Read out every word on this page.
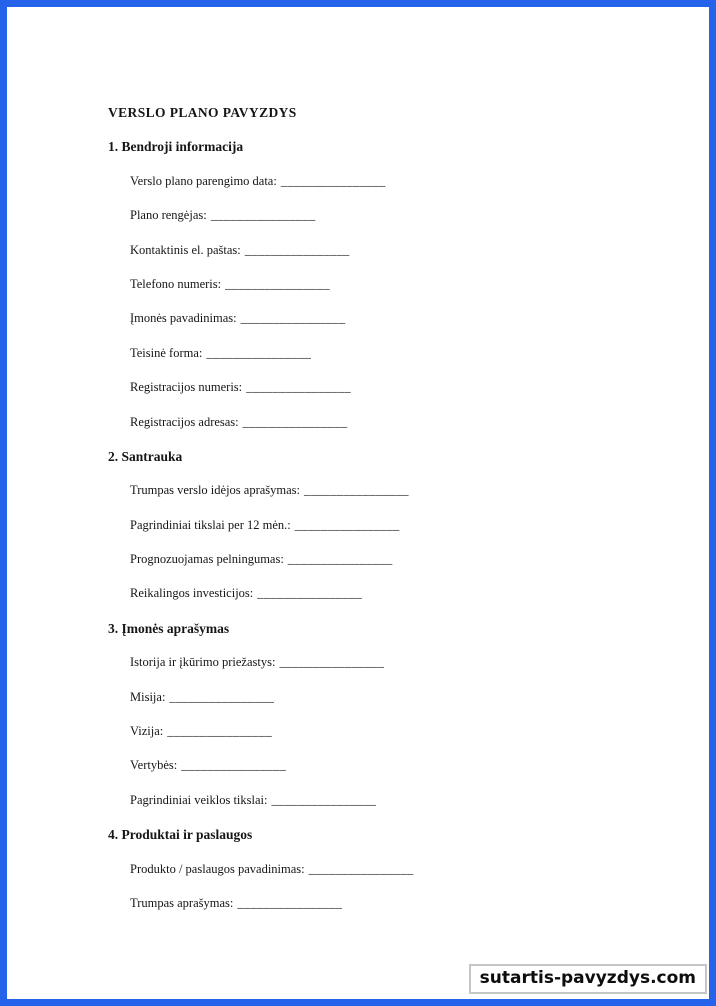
VERSLO PLANO PAVYZDYS
1. Bendroji informacija
Verslo plano parengimo data: ________________
Plano rengėjas: ________________
Kontaktinis el. paštas: ________________
Telefono numeris: ________________
Įmonės pavadinimas: ________________
Teisinė forma: ________________
Registracijos numeris: ________________
Registracijos adresas: ________________
2. Santrauka
Trumpas verslo idėjos aprašymas: ________________
Pagrindiniai tikslai per 12 mėn.: ________________
Prognozuojamas pelningumas: ________________
Reikalingos investicijos: ________________
3. Įmonės aprašymas
Istorija ir įkūrimo priežastys: ________________
Misija: ________________
Vizija: ________________
Vertybės: ________________
Pagrindiniai veiklos tikslai: ________________
4. Produktai ir paslaugos
Produkto / paslaugos pavadinimas: ________________
Trumpas aprašymas: ________________
sutartis-pavyzdys.com
